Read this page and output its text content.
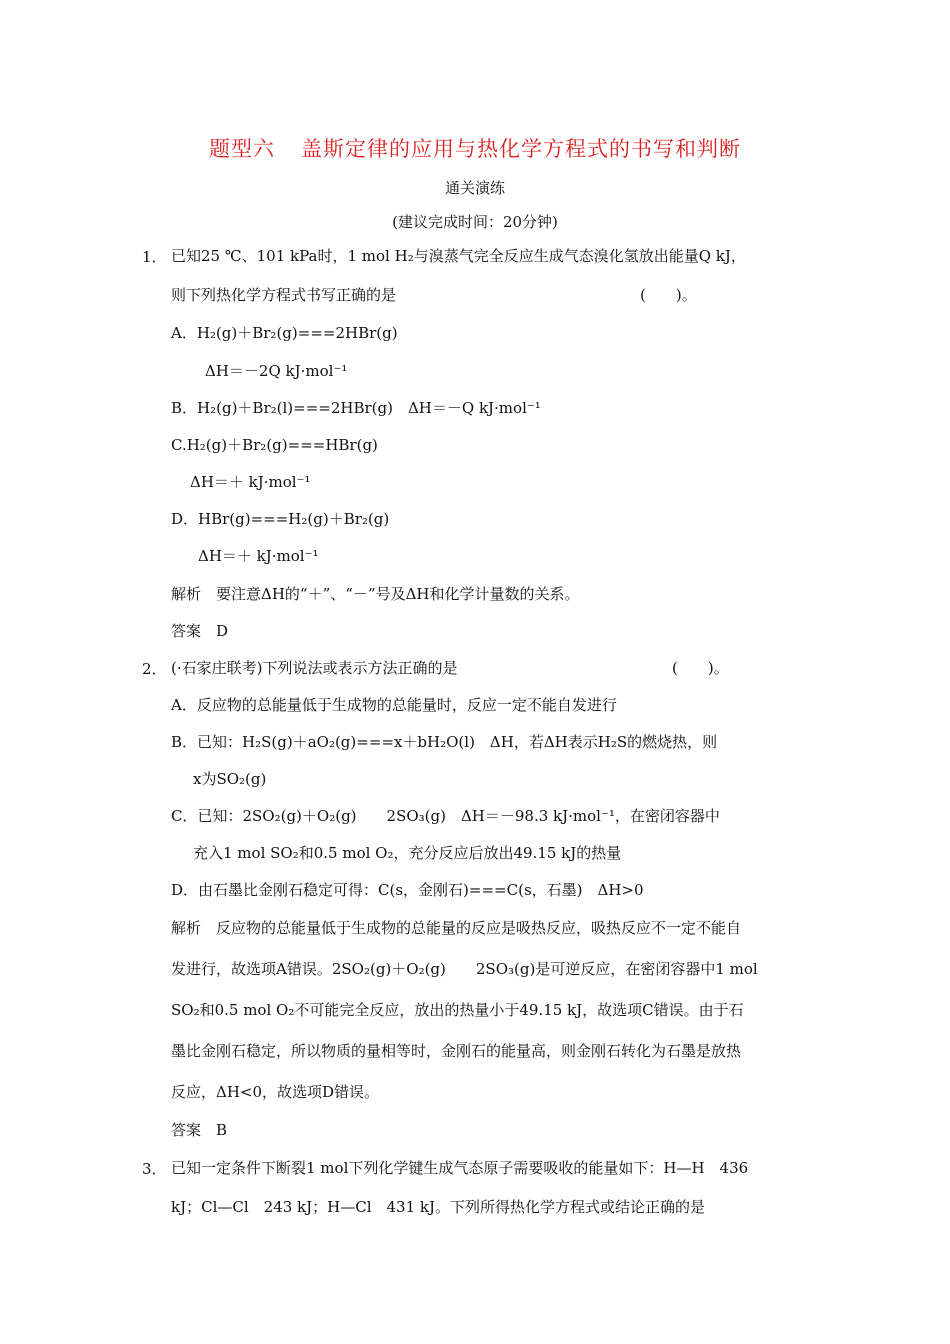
题型六 盖斯定律的应用与热化学方程式的书写和判断
通关演练
(建议完成时间：20分钟)
1． 已知25 ℃、101 kPa时，1 mol H₂与溴蒸气完全反应生成气态溴化氢放出能量Q kJ，
则下列热化学方程式书写正确的是	(　　)。
A．H₂(g)＋Br₂(g)===2HBr(g)
ΔH＝－2Q kJ·mol⁻¹
B．H₂(g)＋Br₂(l)===2HBr(g)　ΔH＝－Q kJ·mol⁻¹
C.H₂(g)＋Br₂(g)===HBr(g)
ΔH＝＋ kJ·mol⁻¹
D．HBr(g)===H₂(g)＋Br₂(g)
ΔH＝＋ kJ·mol⁻¹
解析　要注意ΔH的“＋”、“－”号及ΔH和化学计量数的关系。
答案　D
2． (·石家庄联考)下列说法或表示方法正确的是	(　　)。
A．反应物的总能量低于生成物的总能量时，反应一定不能自发进行
B．已知：H₂S(g)＋aO₂(g)===x＋bH₂O(l)　ΔH，若ΔH表示H₂S的燃烧热，则
x为SO₂(g)
C．已知：2SO₂(g)＋O₂(g)　　2SO₃(g)　ΔH＝－98.3 kJ·mol⁻¹，在密闭容器中
充入1 mol SO₂和0.5 mol O₂，充分反应后放出49.15 kJ的热量
D．由石墨比金刚石稳定可得：C(s，金刚石)===C(s，石墨)　ΔH>0
解析　反应物的总能量低于生成物的总能量的反应是吸热反应，吸热反应不一定不能自
发进行，故选项A错误。2SO₂(g)＋O₂(g)　　2SO₃(g)是可逆反应，在密闭容器中1 mol
SO₂和0.5 mol O₂不可能完全反应，放出的热量小于49.15 kJ，故选项C错误。由于石
墨比金刚石稳定，所以物质的量相等时，金刚石的能量高，则金刚石转化为石墨是放热
反应，ΔH<0，故选项D错误。
答案　B
3． 已知一定条件下断裂1 mol下列化学键生成气态原子需要吸收的能量如下：H—H　436
kJ；Cl—Cl　243 kJ；H—Cl　431 kJ。下列所得热化学方程式或结论正确的是
